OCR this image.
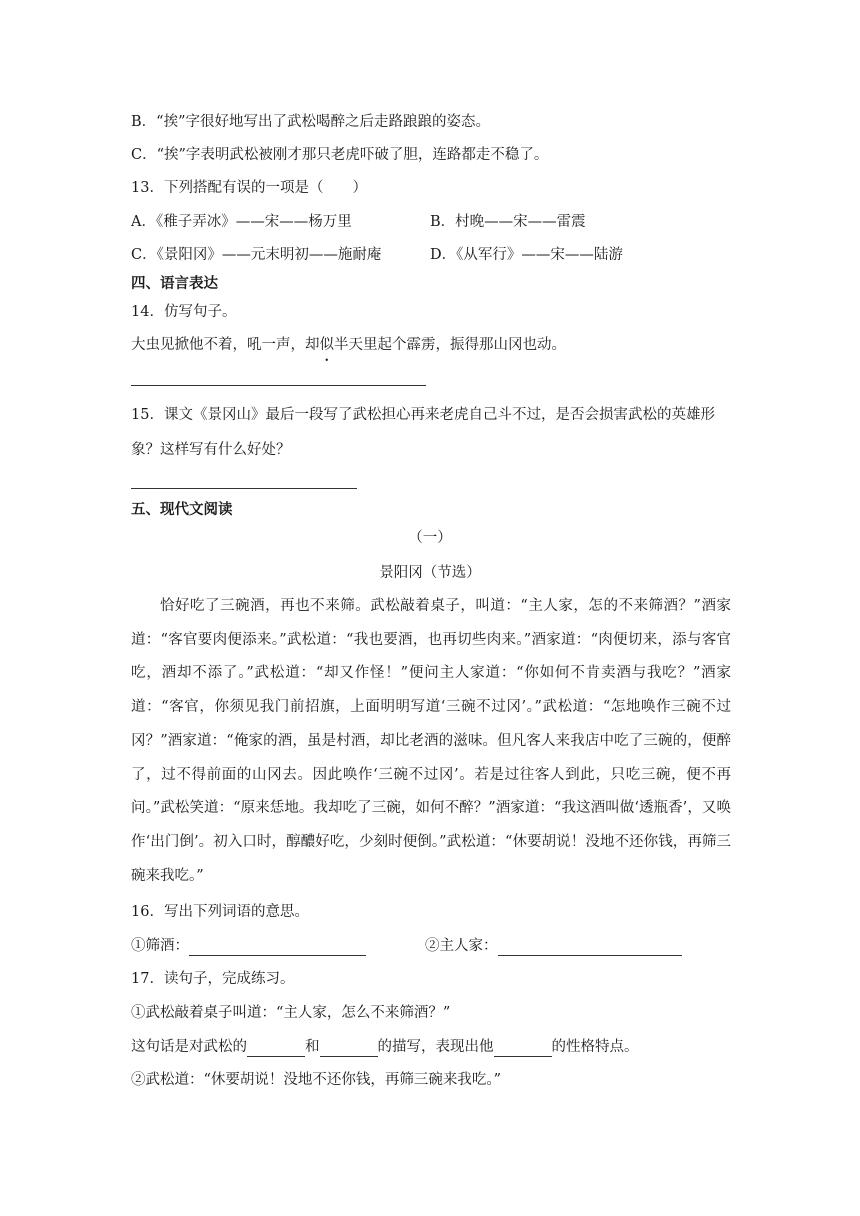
B．“挨”字很好地写出了武松喝醉之后走路踉踉的姿态。
C．“挨”字表明武松被刚才那只老虎吓破了胆，连路都走不稳了。
13．下列搭配有误的一项是（　　）
A．《稚子弄冰》——宋——杨万里	B．村晚——宋——雷震
C．《景阳冈》——元末明初——施耐庵	D．《从军行》——宋——陆游
四、语言表达
14．仿写句子。
大虫见掀他不着，吼一声，却似半天里起个霹雳，振得那山冈也动。
15．课文《景冈山》最后一段写了武松担心再来老虎自己斗不过，是否会损害武松的英雄形
象？这样写有什么好处？
五、现代文阅读
（一）
景阳冈（节选）
恰好吃了三碗酒，再也不来筛。武松敲着桌子，叫道：“主人家，怎的不来筛酒？”酒家道：“客官要肉便添来。”武松道：“我也要酒，也再切些肉来。”酒家道：“肉便切来，添与客官吃，酒却不添了。”武松道：“却又作怪！”便问主人家道：“你如何不肯卖酒与我吃？”酒家道：“客官，你须见我门前招旗，上面明明写道‘三碗不过冈’。”武松道：“怎地唤作三碗不过冈？”酒家道：“俺家的酒，虽是村酒，却比老酒的滋味。但凡客人来我店中吃了三碗的，便醉了，过不得前面的山冈去。因此唤作‘三碗不过冈’。若是过往客人到此，只吃三碗，便不再问。”武松笑道：“原来恁地。我却吃了三碗，如何不醉？”酒家道：“我这酒叫做‘透瓶香’，又唤作‘出门倒’。初入口时，醇醲好吃，少刻时便倒。”武松道：“休要胡说！没地不还你钱，再筛三碗来我吃。”
16．写出下列词语的意思。
①筛酒：	②主人家：
17．读句子，完成练习。
①武松敲着桌子叫道：“主人家，怎么不来筛酒？”
这句话是对武松的	和	的描写，表现出他	的性格特点。
②武松道：“休要胡说！没地不还你钱，再筛三碗来我吃。”
